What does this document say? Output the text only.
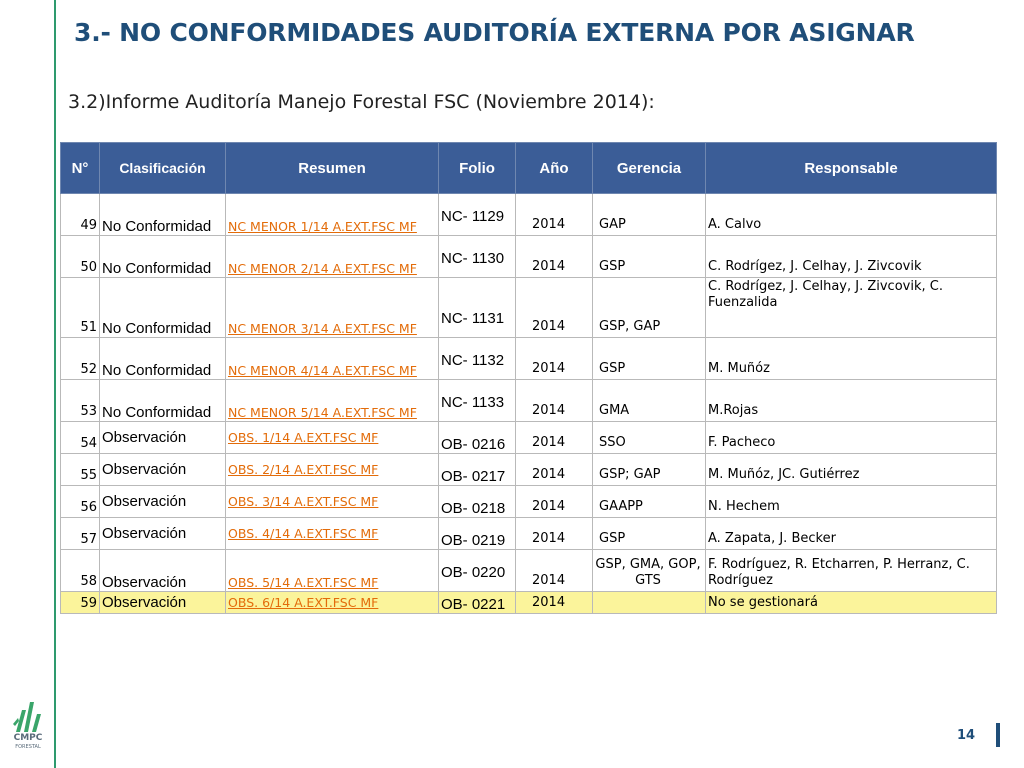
3.- NO CONFORMIDADES AUDITORÍA EXTERNA POR ASIGNAR
3.2)Informe Auditoría Manejo Forestal FSC (Noviembre 2014):
N°	Clasificación	Resumen	Folio	Año	Gerencia	Responsable
49	No Conformidad	NC MENOR 1/14 A.EXT.FSC MF	NC- 1129	2014	GAP	A. Calvo
50	No Conformidad	NC MENOR 2/14 A.EXT.FSC MF	NC- 1130	2014	GSP	C. Rodrígez, J. Celhay, J. Zivcovik
51	No Conformidad	NC MENOR 3/14 A.EXT.FSC MF	NC- 1131	2014	GSP, GAP	C. Rodrígez, J. Celhay, J. Zivcovik, C. Fuenzalida
52	No Conformidad	NC MENOR 4/14 A.EXT.FSC MF	NC- 1132	2014	GSP	M. Muñóz
53	No Conformidad	NC MENOR 5/14 A.EXT.FSC MF	NC- 1133	2014	GMA	M.Rojas
54	Observación	OBS. 1/14 A.EXT.FSC MF	OB- 0216	2014	SSO	F. Pacheco
55	Observación	OBS. 2/14 A.EXT.FSC MF	OB- 0217	2014	GSP; GAP	M. Muñóz, JC. Gutiérrez
56	Observación	OBS. 3/14 A.EXT.FSC MF	OB- 0218	2014	GAAPP	N. Hechem
57	Observación	OBS. 4/14 A.EXT.FSC MF	OB- 0219	2014	GSP	A. Zapata, J. Becker
58	Observación	OBS. 5/14 A.EXT.FSC MF	OB- 0220	2014	GSP, GMA, GOP, GTS	F. Rodríguez, R. Etcharren, P. Herranz, C. Rodríguez
59	Observación	OBS. 6/14 A.EXT.FSC MF	OB- 0221	2014		No se gestionará
CMPC
FORESTAL
14
